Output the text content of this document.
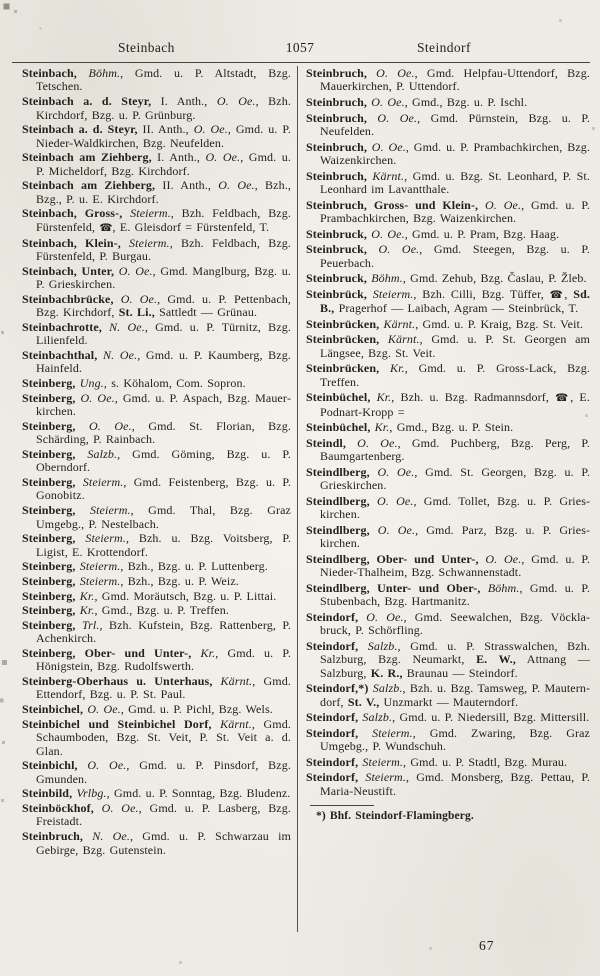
Steinbach	1057	Steindorf

Steinbach, Böhm., Gmd. u. P. Altstadt, Bzg. Tetschen.

Steinbach a. d. Steyr, I. Anth., O. Oe., Bzh. Kirchdorf, Bzg. u. P. Grünburg.

Steinbach a. d. Steyr, II. Anth., O. Oe., Gmd. u. P. Nieder-Waldkirchen, Bzg. Neufelden.

Steinbach am Ziehberg, I. Anth., O. Oe., Gmd. u. P. Micheldorf, Bzg. Kirchdorf.

Steinbach am Ziehberg, II. Anth., O. Oe., Bzh., Bzg., P. u. E. Kirchdorf.

Steinbach, Gross-, Steierm., Bzh. Feldbach, Bzg. Fürstenfeld, ☎, E. Gleisdorf = Fürstenfeld, T.

Steinbach, Klein-, Steierm., Bzh. Feldbach, Bzg. Fürstenfeld, P. Burgau.

Steinbach, Unter, O. Oe., Gmd. Manglburg, Bzg. u. P. Grieskirchen.

Steinbachbrücke, O. Oe., Gmd. u. P. Pettenbach, Bzg. Kirchdorf, St. Li., Sattledt — Grünau.

Steinbachrotte, N. Oe., Gmd. u. P. Türnitz, Bzg. Lilienfeld.

Steinbachthal, N. Oe., Gmd. u. P. Kaumberg, Bzg. Hainfeld.

Steinberg, Ung., s. Köhalom, Com. Sopron.

Steinberg, O. Oe., Gmd. u. P. Aspach, Bzg. Mauerkirchen.

Steinberg, O. Oe., Gmd. St. Florian, Bzg. Schärding, P. Rainbach.

Steinberg, Salzb., Gmd. Göming, Bzg. u. P. Oberndorf.

Steinberg, Steierm., Gmd. Feistenberg, Bzg. u. P. Gonobitz.

Steinberg, Steierm., Gmd. Thal, Bzg. Graz Umgebg., P. Nestelbach.

Steinberg, Steierm., Bzh. u. Bzg. Voitsberg, P. Ligist, E. Krottendorf.

Steinberg, Steierm., Bzh., Bzg. u. P. Luttenberg.

Steinberg, Steierm., Bzh., Bzg. u. P. Weiz.

Steinberg, Kr., Gmd. Moräutsch, Bzg. u. P. Littai.

Steinberg, Kr., Gmd., Bzg. u. P. Treffen.

Steinberg, Trl., Bzh. Kufstein, Bzg. Rattenberg, P. Achenkirch.

Steinberg, Ober- und Unter-, Kr., Gmd. u. P. Hönigstein, Bzg. Rudolfswerth.

Steinberg-Oberhaus u. Unterhaus, Kärnt., Gmd. Ettendorf, Bzg. u. P. St. Paul.

Steinbichel, O. Oe., Gmd. u. P. Pichl, Bzg. Wels.

Steinbichel und Steinbichel Dorf, Kärnt., Gmd. Schaumboden, Bzg. St. Veit, P. St. Veit a. d. Glan.

Steinbichl, O. Oe., Gmd. u. P. Pinsdorf, Bzg. Gmunden.

Steinbild, Vrlbg., Gmd. u. P. Sonntag, Bzg. Bludenz.

Steinböckhof, O. Oe., Gmd. u. P. Lasberg, Bzg. Freistadt.

Steinbruch, N. Oe., Gmd. u. P. Schwarzau im Gebirge, Bzg. Gutenstein.

Steinbruch, O. Oe., Gmd. Helpfau-Uttendorf, Bzg. Mauerkirchen, P. Uttendorf.

Steinbruch, O. Oe., Gmd., Bzg. u. P. Ischl.

Steinbruch, O. Oe., Gmd. Pürnstein, Bzg. u. P. Neufelden.

Steinbruch, O. Oe., Gmd. u. P. Prambachkirchen, Bzg. Waizenkirchen.

Steinbruch, Kärnt., Gmd. u. Bzg. St. Leonhard, P. St. Leonhard im Lavantthale.

Steinbruch, Gross- und Klein-, O. Oe., Gmd. u. P. Prambachkirchen, Bzg. Waizenkirchen.

Steinbruck, O. Oe., Gmd. u. P. Pram, Bzg. Haag.

Steinbruck, O. Oe., Gmd. Steegen, Bzg. u. P. Peuerbach.

Steinbruck, Böhm., Gmd. Zehub, Bzg. Časlau, P. Žleb.

Steinbrück, Steierm., Bzh. Cilli, Bzg. Tüffer, ☎, Sd. B., Pragerhof — Laibach, Agram — Steinbrück, T.

Steinbrücken, Kärnt., Gmd. u. P. Kraig, Bzg. St. Veit.

Steinbrücken, Kärnt., Gmd. u. P. St. Georgen am Längsee, Bzg. St. Veit.

Steinbrücken, Kr., Gmd. u. P. Gross-Lack, Bzg. Treffen.

Steinbüchel, Kr., Bzh. u. Bzg. Radmannsdorf, ☎, E. Podnart-Kropp =

Steinbüchel, Kr., Gmd., Bzg. u. P. Stein.

Steindl, O. Oe., Gmd. Puchberg, Bzg. Perg, P. Baumgartenberg.

Steindlberg, O. Oe., Gmd. St. Georgen, Bzg. u. P. Grieskirchen.

Steindlberg, O. Oe., Gmd. Tollet, Bzg. u. P. Grieskirchen.

Steindlberg, O. Oe., Gmd. Parz, Bzg. u. P. Grieskirchen.

Steindlberg, Ober- und Unter-, O. Oe., Gmd. u. P. Nieder-Thalheim, Bzg. Schwannenstadt.

Steindlberg, Unter- und Ober-, Böhm., Gmd. u. P. Stubenbach, Bzg. Hartmanitz.

Steindorf, O. Oe., Gmd. Seewalchen, Bzg. Vöcklabruck, P. Schörfling.

Steindorf, Salzb., Gmd. u. P. Strasswalchen, Bzh. Salzburg, Bzg. Neumarkt, E. W., Attnang — Salzburg, K. R., Braunau — Steindorf.

Steindorf,*) Salzb., Bzh. u. Bzg. Tamsweg, P. Mauterndorf, St. V., Unzmarkt — Mauterndorf.

Steindorf, Salzb., Gmd. u. P. Niedersill, Bzg. Mittersill.

Steindorf, Steierm., Gmd. Zwaring, Bzg. Graz Umgebg., P. Wundschuh.

Steindorf, Steierm., Gmd. u. P. Stadtl, Bzg. Murau.

Steindorf, Steierm., Gmd. Monsberg, Bzg. Pettau, P. Maria-Neustift.

*) Bhf. Steindorf-Flamingberg.

67
